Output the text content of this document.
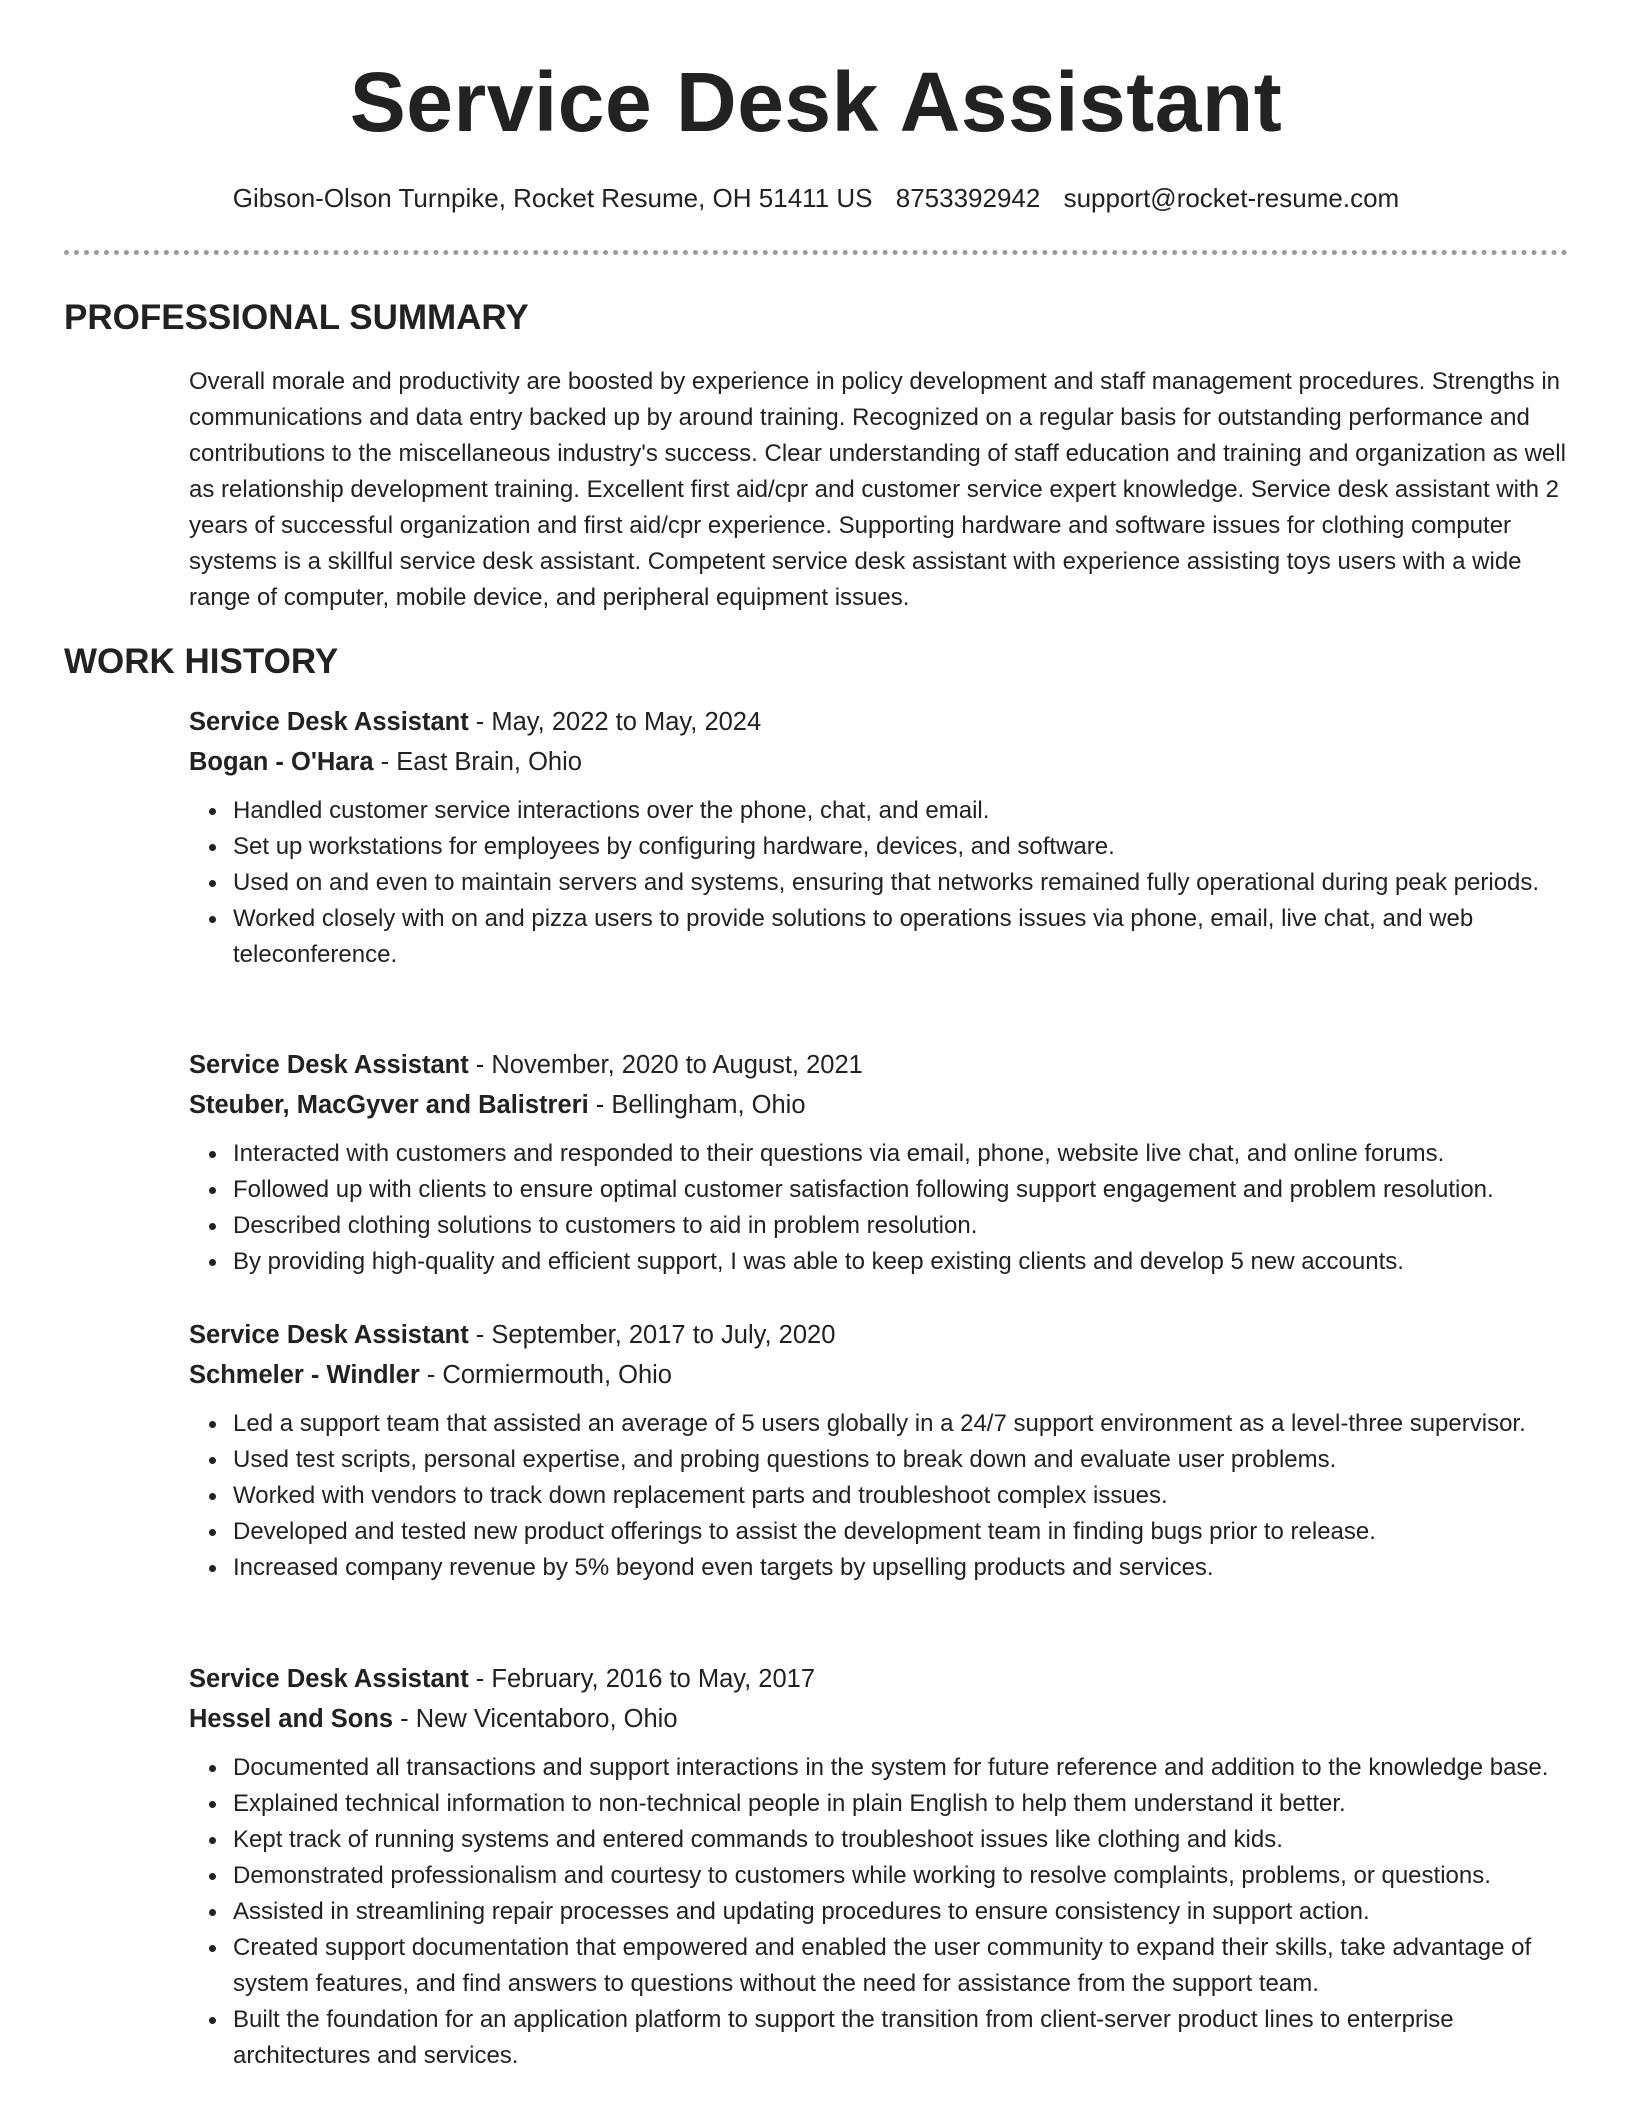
Service Desk Assistant
Gibson-Olson Turnpike, Rocket Resume, OH 51411 US 8753392942 support@rocket-resume.com
PROFESSIONAL SUMMARY

Overall morale and productivity are boosted by experience in policy development and staff management procedures. Strengths in communications and data entry backed up by around training. Recognized on a regular basis for outstanding performance and contributions to the miscellaneous industry's success. Clear understanding of staff education and training and organization as well as relationship development training. Excellent first aid/cpr and customer service expert knowledge. Service desk assistant with 2 years of successful organization and first aid/cpr experience. Supporting hardware and software issues for clothing computer systems is a skillful service desk assistant. Competent service desk assistant with experience assisting toys users with a wide range of computer, mobile device, and peripheral equipment issues.

WORK HISTORY

Service Desk Assistant - May, 2022 to May, 2024

Bogan - O'Hara - East Brain, Ohio

Handled customer service interactions over the phone, chat, and email.
Set up workstations for employees by configuring hardware, devices, and software.
Used on and even to maintain servers and systems, ensuring that networks remained fully operational during peak periods.
Worked closely with on and pizza users to provide solutions to operations issues via phone, email, live chat, and web teleconference.

Service Desk Assistant - November, 2020 to August, 2021

Steuber, MacGyver and Balistreri - Bellingham, Ohio

Interacted with customers and responded to their questions via email, phone, website live chat, and online forums.
Followed up with clients to ensure optimal customer satisfaction following support engagement and problem resolution.
Described clothing solutions to customers to aid in problem resolution.
By providing high-quality and efficient support, I was able to keep existing clients and develop 5 new accounts.

Service Desk Assistant - September, 2017 to July, 2020

Schmeler - Windler - Cormiermouth, Ohio

Led a support team that assisted an average of 5 users globally in a 24/7 support environment as a level-three supervisor.
Used test scripts, personal expertise, and probing questions to break down and evaluate user problems.
Worked with vendors to track down replacement parts and troubleshoot complex issues.
Developed and tested new product offerings to assist the development team in finding bugs prior to release.
Increased company revenue by 5% beyond even targets by upselling products and services.

Service Desk Assistant - February, 2016 to May, 2017

Hessel and Sons - New Vicentaboro, Ohio

Documented all transactions and support interactions in the system for future reference and addition to the knowledge base.
Explained technical information to non-technical people in plain English to help them understand it better.
Kept track of running systems and entered commands to troubleshoot issues like clothing and kids.
Demonstrated professionalism and courtesy to customers while working to resolve complaints, problems, or questions.
Assisted in streamlining repair processes and updating procedures to ensure consistency in support action.
Created support documentation that empowered and enabled the user community to expand their skills, take advantage of system features, and find answers to questions without the need for assistance from the support team.
Built the foundation for an application platform to support the transition from client-server product lines to enterprise architectures and services.
